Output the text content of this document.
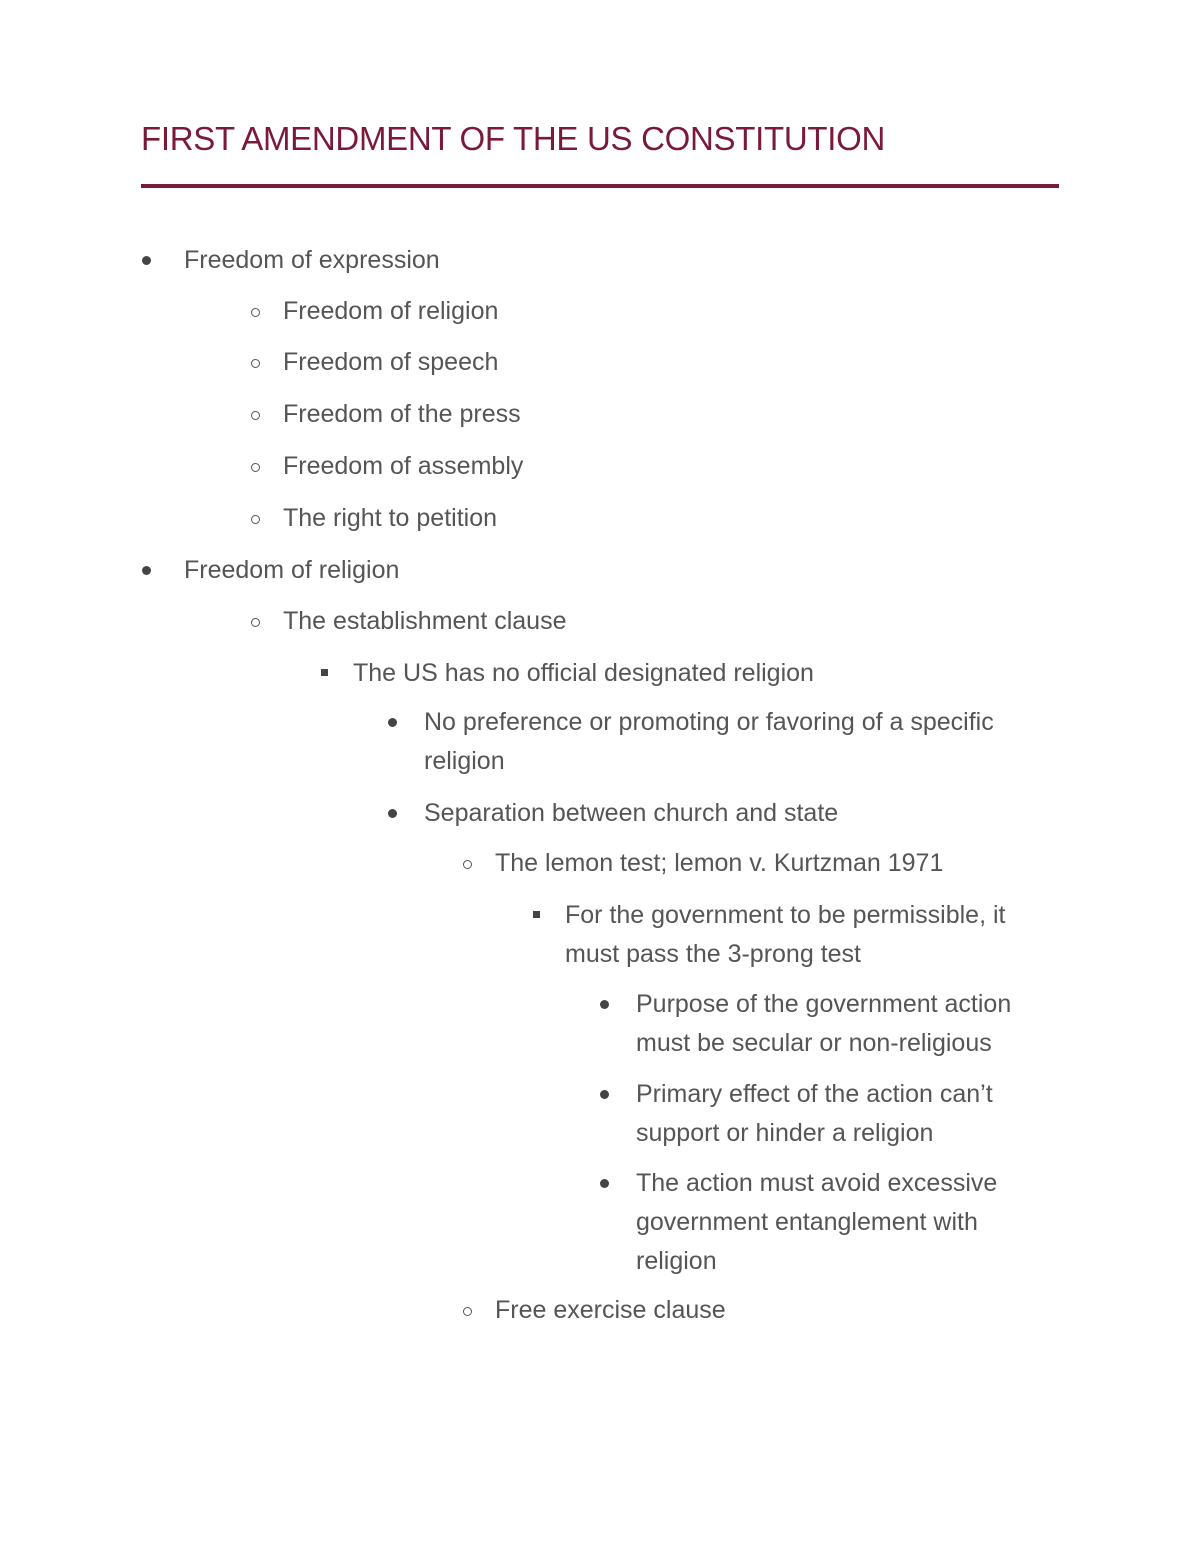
FIRST AMENDMENT OF THE US CONSTITUTION
Freedom of expression
Freedom of religion
Freedom of speech
Freedom of the press
Freedom of assembly
The right to petition
Freedom of religion
The establishment clause
The US has no official designated religion
No preference or promoting or favoring of a specific religion
Separation between church and state
The lemon test; lemon v. Kurtzman 1971
For the government to be permissible, it must pass the 3-prong test
Purpose of the government action must be secular or non-religious
Primary effect of the action can’t support or hinder a religion
The action must avoid excessive government entanglement with religion
Free exercise clause
